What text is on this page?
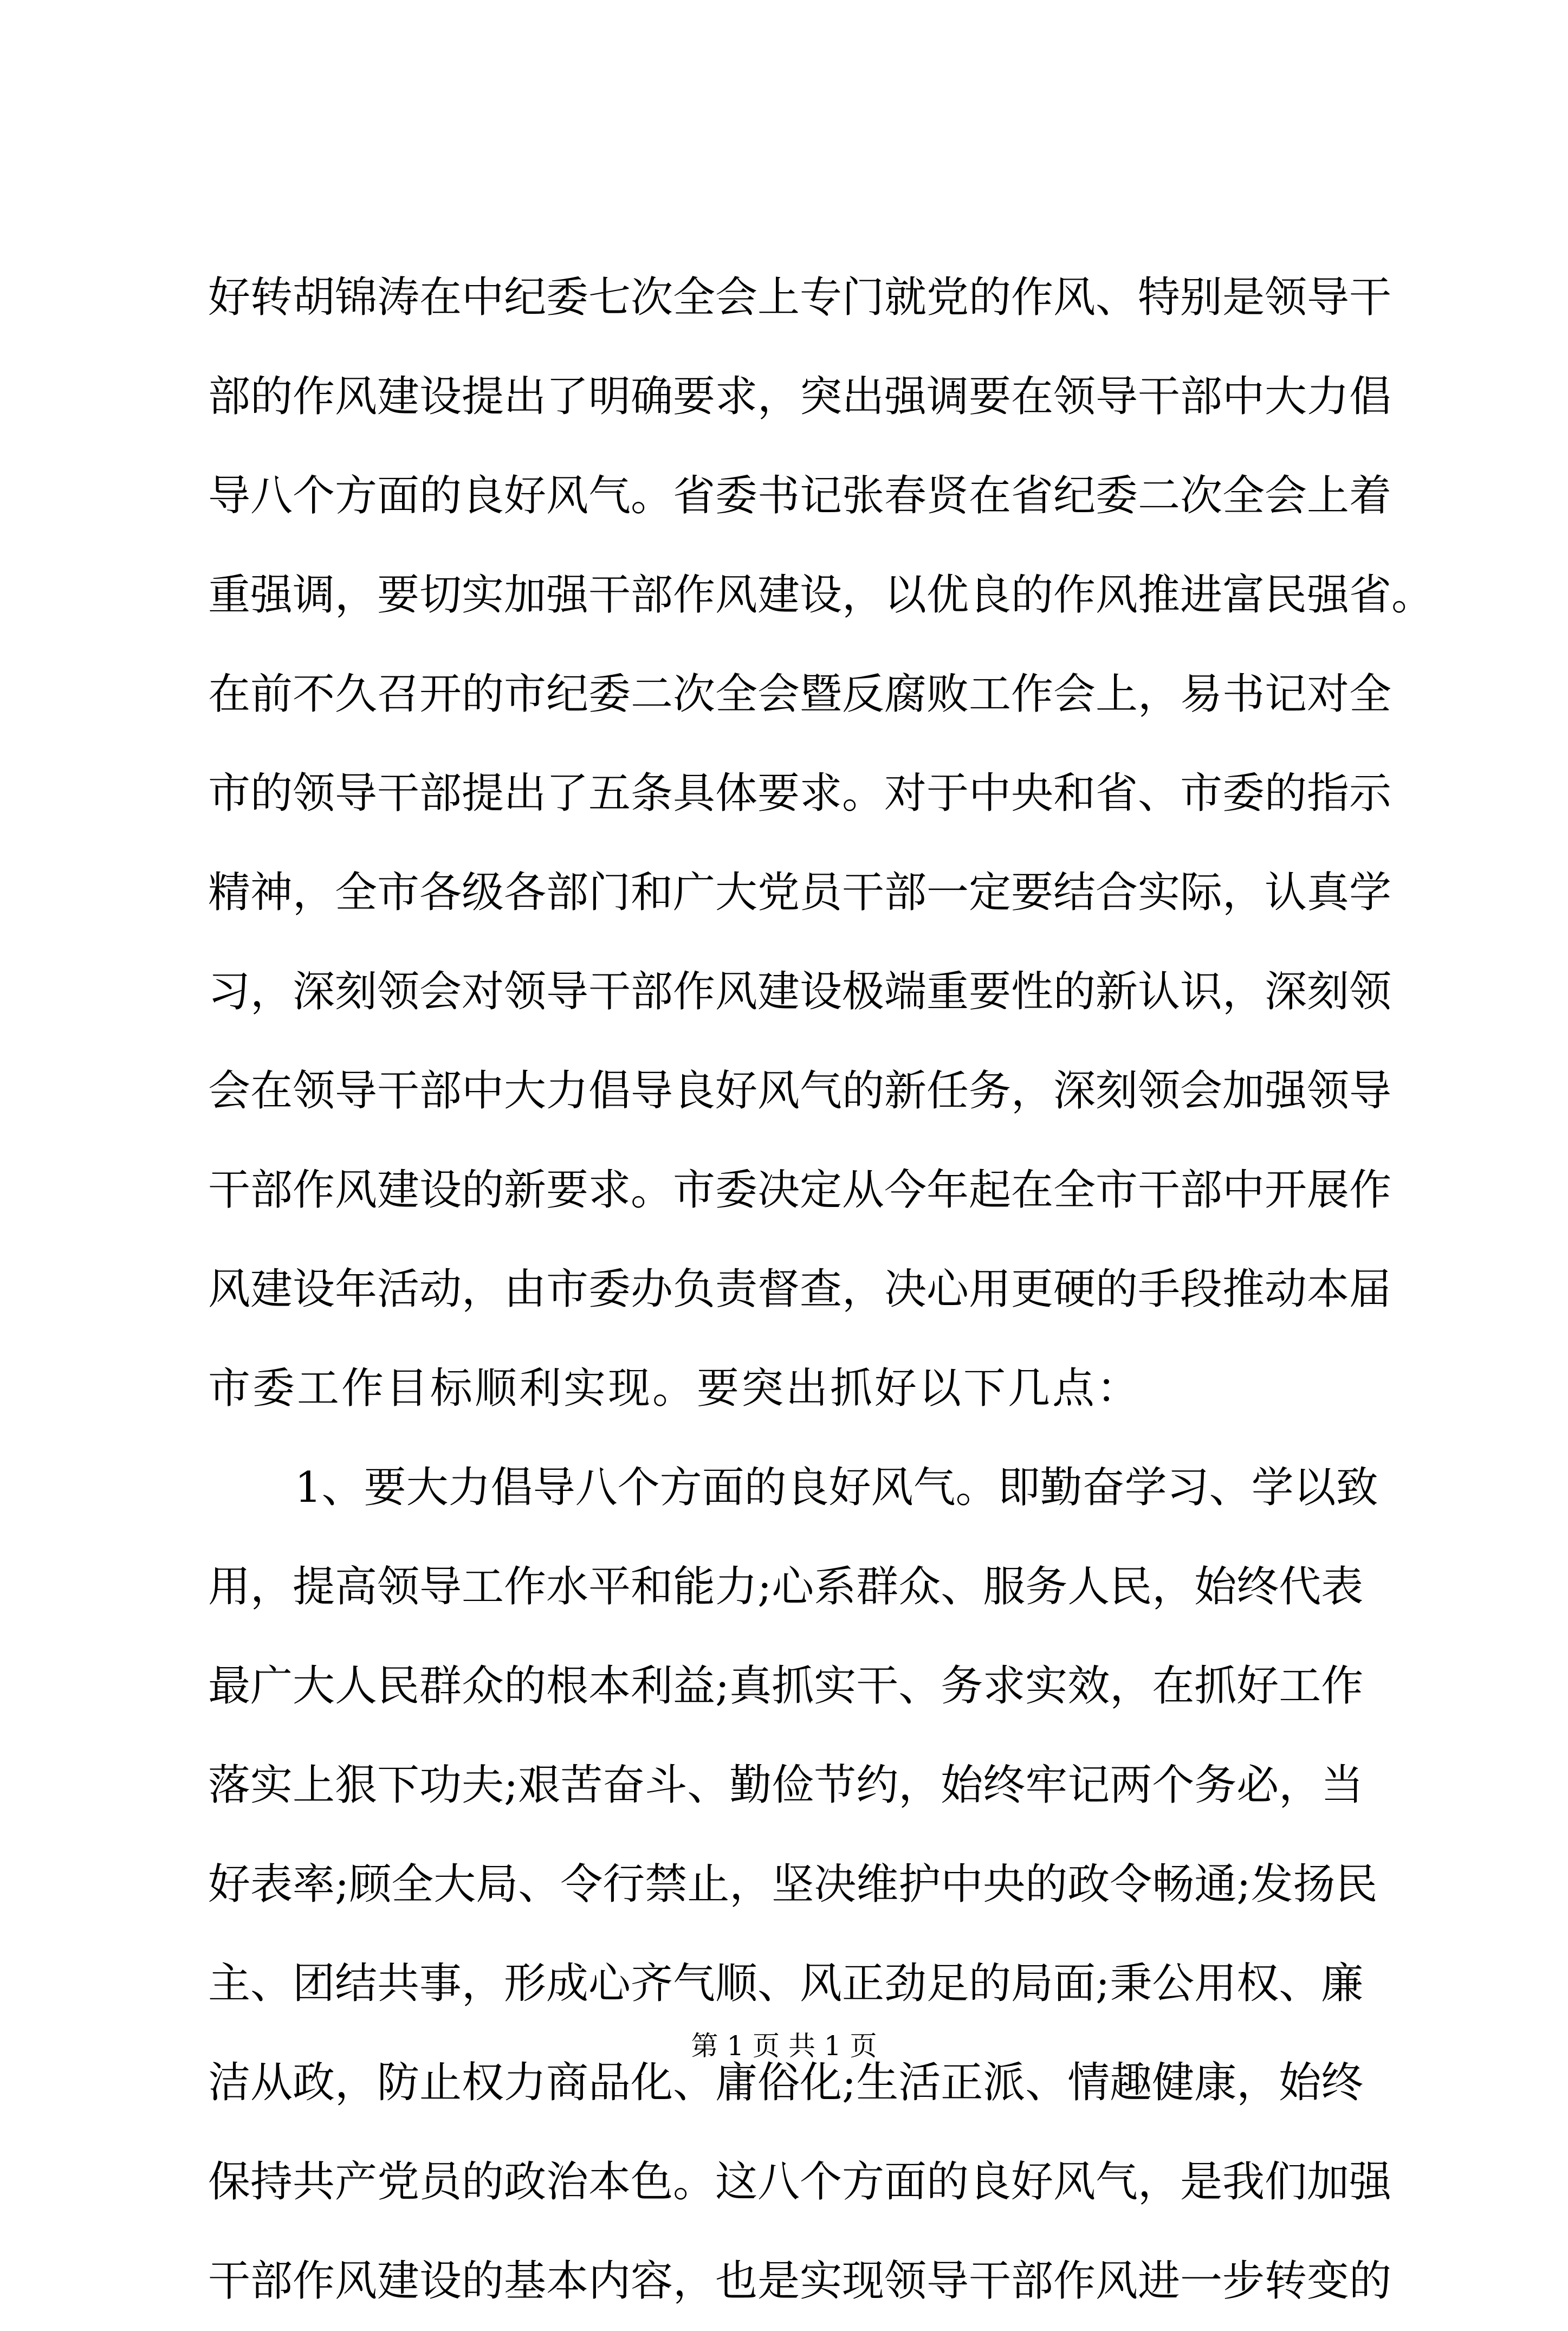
好转胡锦涛在中纪委七次全会上专门就党的作风、特别是领导干
部的作风建设提出了明确要求，突出强调要在领导干部中大力倡
导八个方面的良好风气。省委书记张春贤在省纪委二次全会上着
重强调，要切实加强干部作风建设，以优良的作风推进富民强省。
在前不久召开的市纪委二次全会暨反腐败工作会上，易书记对全
市的领导干部提出了五条具体要求。对于中央和省、市委的指示
精神，全市各级各部门和广大党员干部一定要结合实际，认真学
习，深刻领会对领导干部作风建设极端重要性的新认识，深刻领
会在领导干部中大力倡导良好风气的新任务，深刻领会加强领导
干部作风建设的新要求。市委决定从今年起在全市干部中开展作
风建设年活动，由市委办负责督查，决心用更硬的手段推动本届
市委工作目标顺利实现。要突出抓好以下几点：
1、要大力倡导八个方面的良好风气。即勤奋学习、学以致
用，提高领导工作水平和能力;心系群众、服务人民，始终代表
最广大人民群众的根本利益;真抓实干、务求实效，在抓好工作
落实上狠下功夫;艰苦奋斗、勤俭节约，始终牢记两个务必，当
好表率;顾全大局、令行禁止，坚决维护中央的政令畅通;发扬民
主、团结共事，形成心齐气顺、风正劲足的局面;秉公用权、廉
洁从政，防止权力商品化、庸俗化;生活正派、情趣健康，始终
保持共产党员的政治本色。这八个方面的良好风气，是我们加强
干部作风建设的基本内容，也是实现领导干部作风进一步转变的
第 1 页 共 1 页
